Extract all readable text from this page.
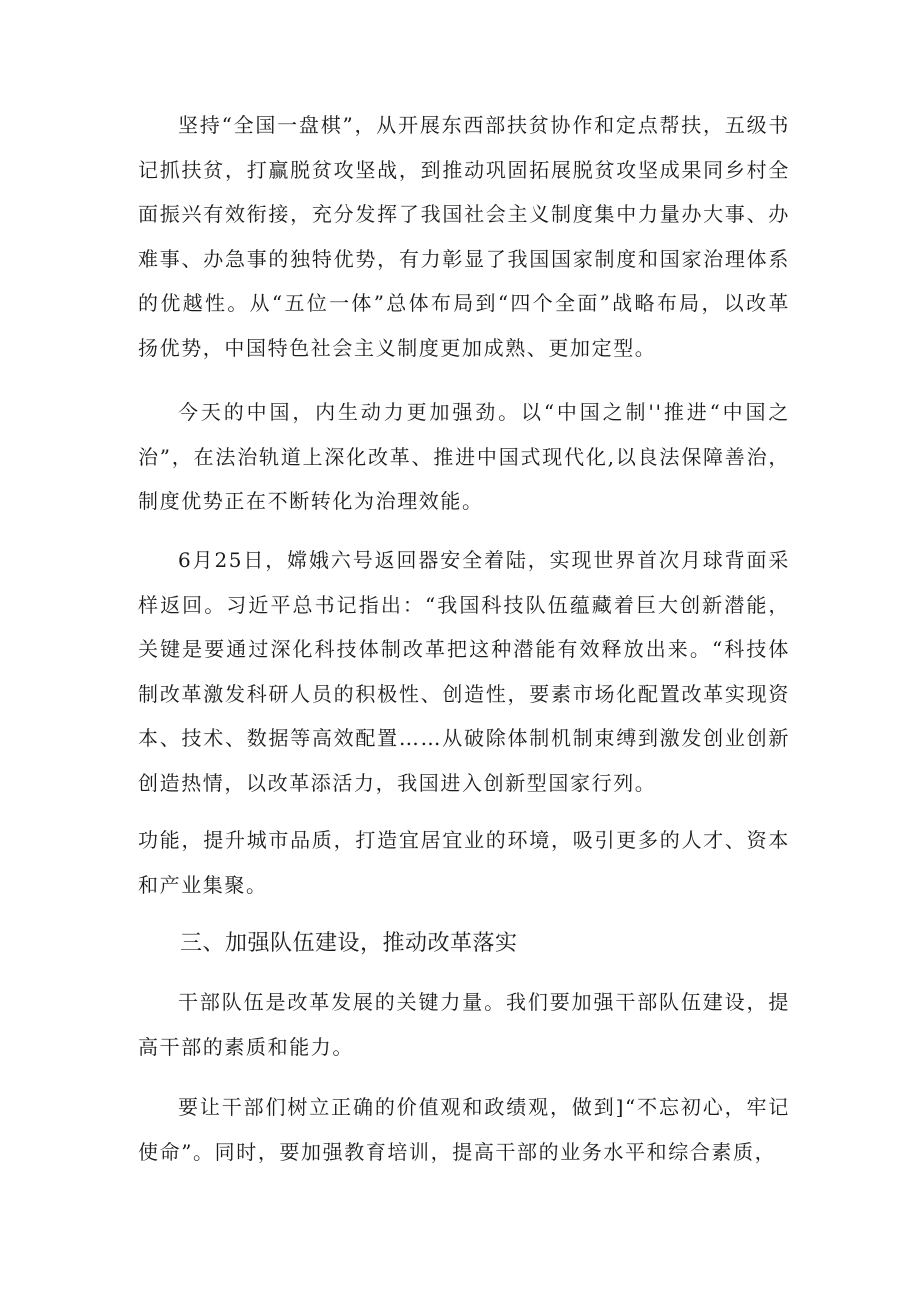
坚持“全国一盘棋”，从开展东西部扶贫协作和定点帮扶，五级书记抓扶贫，打赢脱贫攻坚战，到推动巩固拓展脱贫攻坚成果同乡村全面振兴有效衔接，充分发挥了我国社会主义制度集中力量办大事、办难事、办急事的独特优势，有力彰显了我国国家制度和国家治理体系的优越性。从“五位一体”总体布局到“四个全面”战略布局，以改革扬优势，中国特色社会主义制度更加成熟、更加定型。

今天的中国，内生动力更加强劲。以“中国之制''推进“中国之治”，在法治轨道上深化改革、推进中国式现代化,以良法保障善治，制度优势正在不断转化为治理效能。

6月25日，嫦娥六号返回器安全着陆，实现世界首次月球背面采样返回。习近平总书记指出：“我国科技队伍蕴藏着巨大创新潜能，关键是要通过深化科技体制改革把这种潜能有效释放出来。“科技体制改革激发科研人员的积极性、创造性，要素市场化配置改革实现资本、技术、数据等高效配置……从破除体制机制束缚到激发创业创新创造热情，以改革添活力，我国进入创新型国家行列。

功能，提升城市品质，打造宜居宜业的环境，吸引更多的人才、资本和产业集聚。

三、加强队伍建设，推动改革落实

干部队伍是改革发展的关键力量。我们要加强干部队伍建设，提高干部的素质和能力。

要让干部们树立正确的价值观和政绩观，做到]“不忘初心，牢记使命”。同时，要加强教育培训，提高干部的业务水平和综合素质，
